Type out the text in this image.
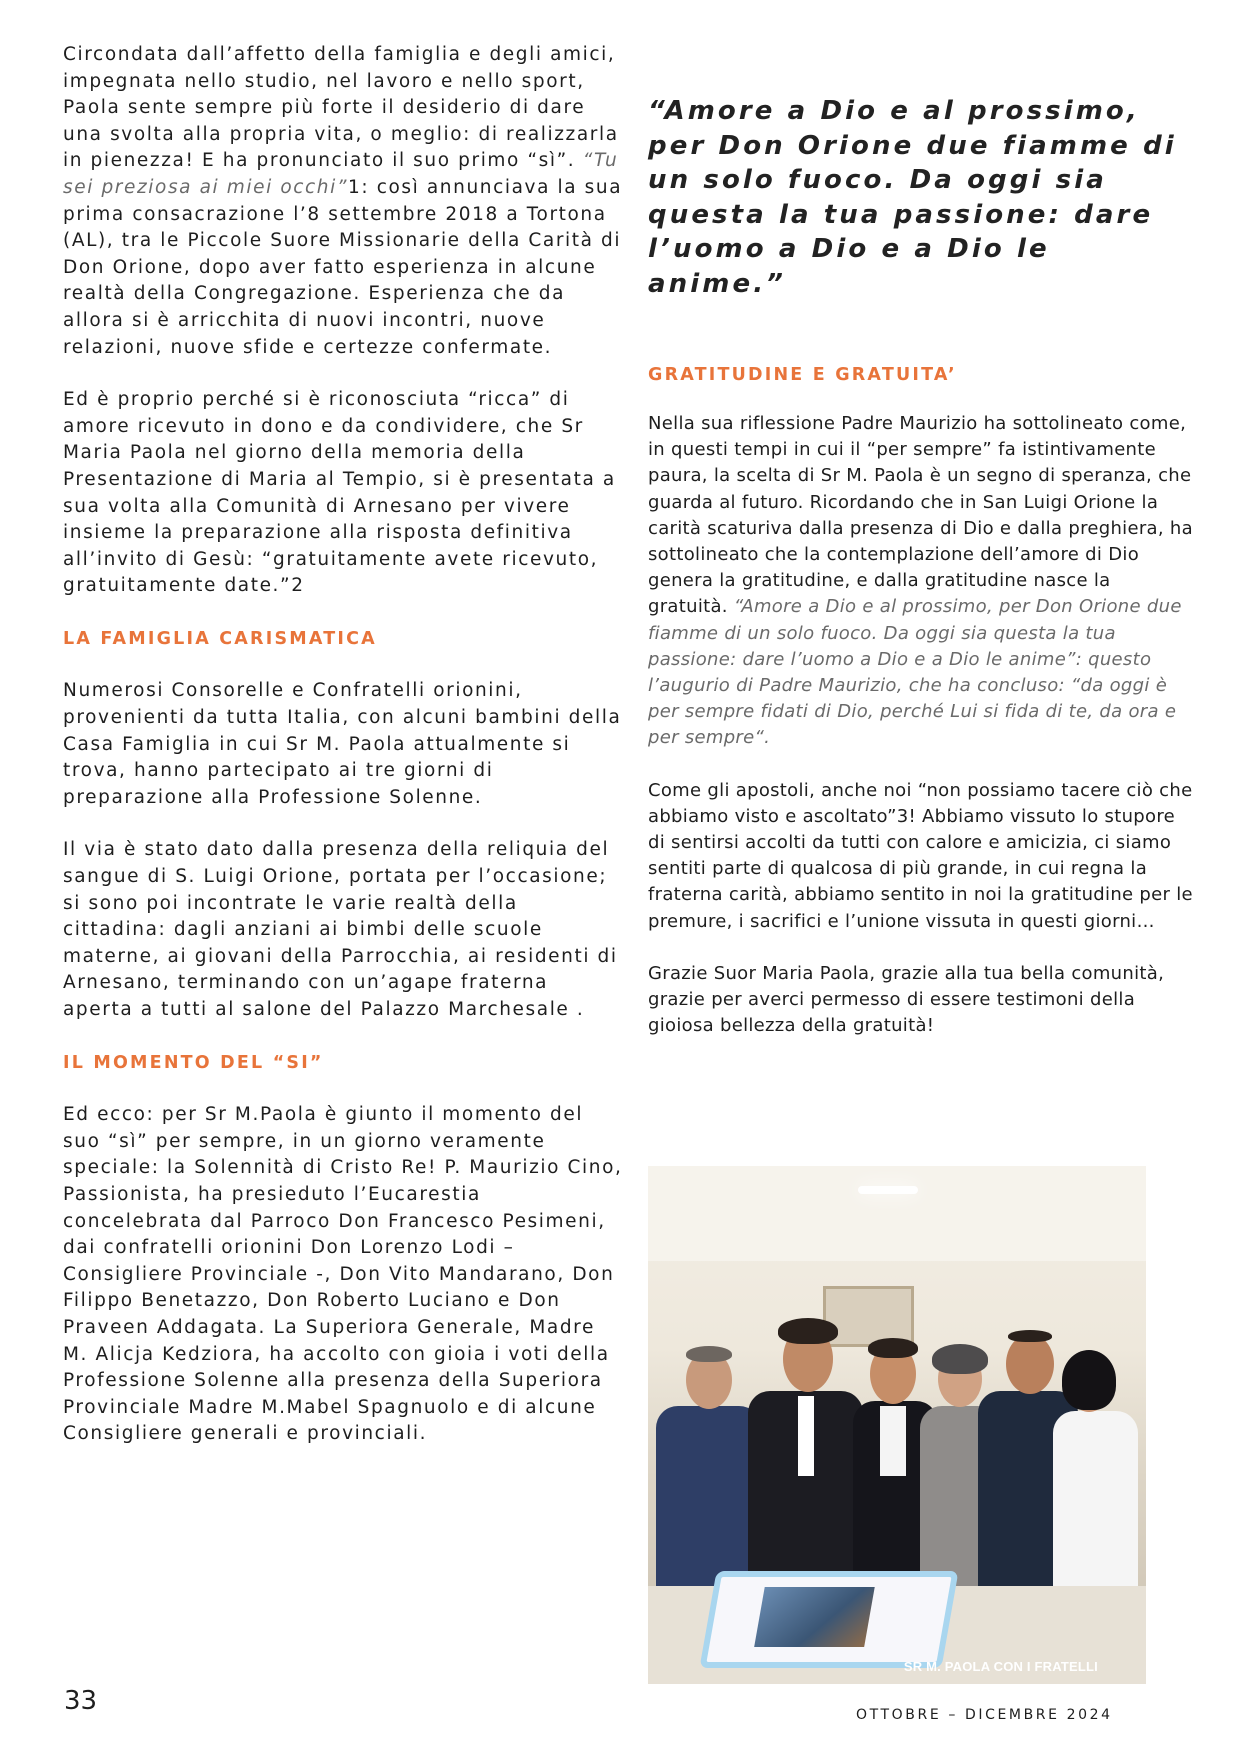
Circondata dall’affetto della famiglia e degli amici, impegnata nello studio, nel lavoro e nello sport, Paola sente sempre più forte il desiderio di dare una svolta alla propria vita, o meglio: di realizzarla in pienezza! E ha pronunciato il suo primo “sì”. “Tu sei preziosa ai miei occhi”1: così annunciava la sua prima consacrazione l’8 settembre 2018 a Tortona (AL), tra le Piccole Suore Missionarie della Carità di Don Orione, dopo aver fatto esperienza in alcune realtà della Congregazione. Esperienza che da allora si è arricchita di nuovi incontri, nuove relazioni, nuove sfide e certezze confermate.

Ed è proprio perché si è riconosciuta “ricca” di amore ricevuto in dono e da condividere, che Sr Maria Paola nel giorno della memoria della Presentazione di Maria al Tempio, si è presentata a sua volta alla Comunità di Arnesano per vivere insieme la preparazione alla risposta definitiva all’invito di Gesù: “gratuitamente avete ricevuto, gratuitamente date.”2

LA FAMIGLIA CARISMATICA

Numerosi Consorelle e Confratelli orionini, provenienti da tutta Italia, con alcuni bambini della Casa Famiglia in cui Sr M. Paola attualmente si trova, hanno partecipato ai tre giorni di preparazione alla Professione Solenne.

Il via è stato dato dalla presenza della reliquia del sangue di S. Luigi Orione, portata per l’occasione; si sono poi incontrate le varie realtà della cittadina: dagli anziani ai bimbi delle scuole materne, ai giovani della Parrocchia, ai residenti di Arnesano, terminando con un’agape fraterna aperta a tutti al salone del Palazzo Marchesale .

IL MOMENTO DEL “SI”

Ed ecco: per Sr M.Paola è giunto il momento del suo “sì” per sempre, in un giorno veramente speciale: la Solennità di Cristo Re! P. Maurizio Cino, Passionista, ha presieduto l’Eucarestia concelebrata dal Parroco Don Francesco Pesimeni, dai confratelli orionini Don Lorenzo Lodi – Consigliere Provinciale -, Don Vito Mandarano, Don Filippo Benetazzo, Don Roberto Luciano e Don Praveen Addagata. La Superiora Generale, Madre M. Alicja Kedziora, ha accolto con gioia i voti della Professione Solenne alla presenza della Superiora Provinciale Madre M.Mabel Spagnuolo e di alcune Consigliere generali e provinciali.

“Amore a Dio e al prossimo, per Don Orione due fiamme di un solo fuoco. Da oggi sia questa la tua passione: dare l’uomo a Dio e a Dio le anime.”

GRATITUDINE E GRATUITA’

Nella sua riflessione Padre Maurizio ha sottolineato come, in questi tempi in cui il “per sempre” fa istintivamente paura, la scelta di Sr M. Paola è un segno di speranza, che guarda al futuro. Ricordando che in San Luigi Orione la carità scaturiva dalla presenza di Dio e dalla preghiera, ha sottolineato che la contemplazione dell’amore di Dio genera la gratitudine, e dalla gratitudine nasce la gratuità. “Amore a Dio e al prossimo, per Don Orione due fiamme di un solo fuoco. Da oggi sia questa la tua passione: dare l’uomo a Dio e a Dio le anime”: questo l’augurio di Padre Maurizio, che ha concluso: “da oggi è per sempre fidati di Dio, perché Lui si fida di te, da ora e per sempre“.

Come gli apostoli, anche noi “non possiamo tacere ciò che abbiamo visto e ascoltato”3! Abbiamo vissuto lo stupore di sentirsi accolti da tutti con calore e amicizia, ci siamo sentiti parte di qualcosa di più grande, in cui regna la fraterna carità, abbiamo sentito in noi la gratitudine per le premure, i sacrifici e l’unione vissuta in questi giorni…

Grazie Suor Maria Paola, grazie alla tua bella comunità, grazie per averci permesso di essere testimoni della gioiosa bellezza della gratuità!

SR M. PAOLA CON I FRATELLI
33	OTTOBRE – DICEMBRE 2024
